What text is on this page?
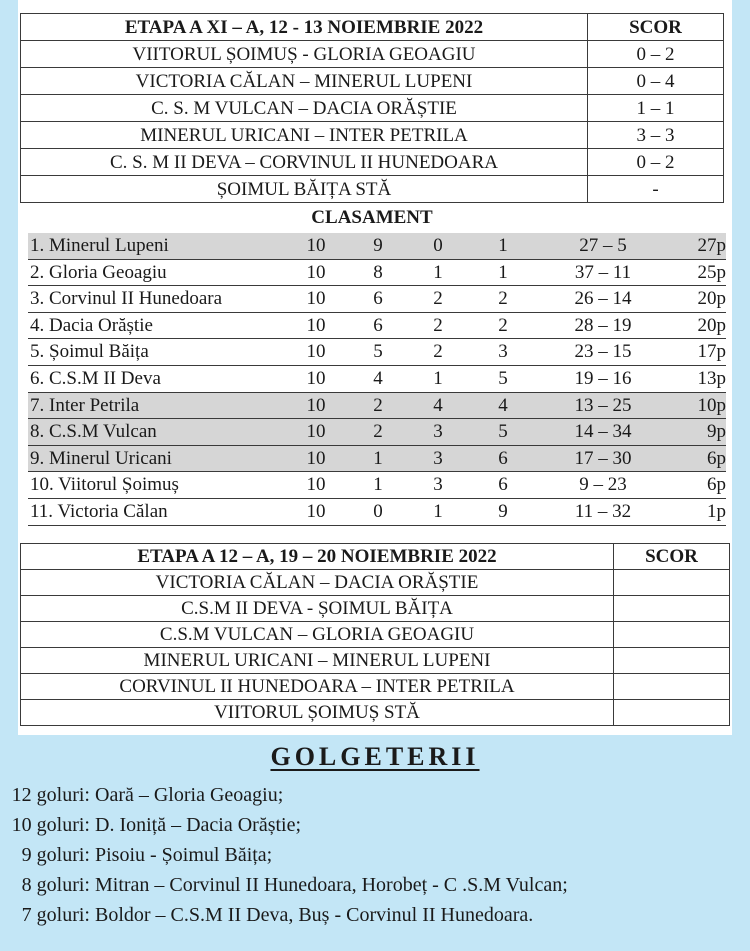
ETAPA A XI – A, 12 - 13 NOIEMBRIE 2022	SCOR
VIITORUL ȘOIMUȘ - GLORIA GEOAGIU	0 – 2
VICTORIA CĂLAN – MINERUL LUPENI	0 – 4
C. S. M VULCAN – DACIA ORĂȘTIE	1 – 1
MINERUL URICANI – INTER PETRILA	3 – 3
C. S. M II DEVA – CORVINUL II HUNEDOARA	0 – 2
ȘOIMUL BĂIȚA STĂ	-
CLASAMENT
1. Minerul Lupeni	10	9	0	1	27 – 5	27p
2. Gloria Geoagiu	10	8	1	1	37 – 11	25p
3. Corvinul II Hunedoara	10	6	2	2	26 – 14	20p
4. Dacia Orăștie	10	6	2	2	28 – 19	20p
5. Șoimul Băița	10	5	2	3	23 – 15	17p
6. C.S.M II Deva	10	4	1	5	19 – 16	13p
7. Inter Petrila	10	2	4	4	13 – 25	10p
8. C.S.M Vulcan	10	2	3	5	14 – 34	9p
9. Minerul Uricani	10	1	3	6	17 – 30	6p
10. Viitorul Șoimuș	10	1	3	6	9 – 23	6p
11. Victoria Călan	10	0	1	9	11 – 32	1p
ETAPA A 12 – A, 19 – 20 NOIEMBRIE 2022	SCOR
VICTORIA CĂLAN – DACIA ORĂȘTIE	
C.S.M II DEVA - ȘOIMUL BĂIȚA	
C.S.M VULCAN – GLORIA GEOAGIU	
MINERUL URICANI – MINERUL LUPENI	
CORVINUL II HUNEDOARA – INTER PETRILA	
VIITORUL ȘOIMUȘ STĂ	
GOLGETERII
12 goluri: Oară – Gloria Geoagiu;
10 goluri: D. Ioniță – Dacia Orăștie;
9 goluri: Pisoiu - Șoimul Băița;
8 goluri: Mitran – Corvinul II Hunedoara, Horobeț - C .S.M Vulcan;
7 goluri: Boldor – C.S.M II Deva, Buș - Corvinul II Hunedoara.
